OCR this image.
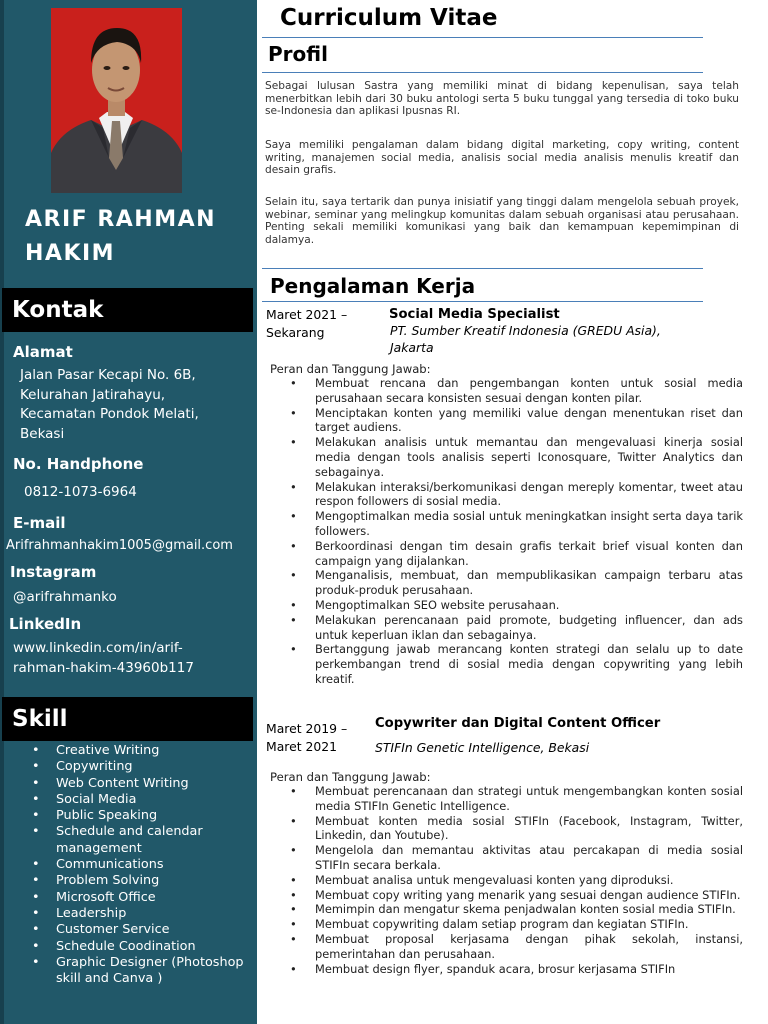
ARIF RAHMAN
HAKIM
Kontak
Alamat
Jalan Pasar Kecapi No. 6B,
Kelurahan Jatirahayu,
Kecamatan Pondok Melati,
Bekasi
No. Handphone
0812-1073-6964
E-mail
Arifrahmanhakim1005@gmail.com
Instagram
@arifrahmanko
LinkedIn
www.linkedin.com/in/arif-
rahman-hakim-43960b117
Skill
• Creative Writing
• Copywriting
• Web Content Writing
• Social Media
• Public Speaking
• Schedule and calendar management
• Communications
• Problem Solving
• Microsoft Office
• Leadership
• Customer Service
• Schedule Coodination
• Graphic Designer (Photoshop skill and Canva )
Curriculum Vitae
Profil
Sebagai lulusan Sastra yang memiliki minat di bidang kepenulisan, saya telah menerbitkan lebih dari 30 buku antologi serta 5 buku tunggal yang tersedia di toko buku se-Indonesia dan aplikasi Ipusnas RI.
Saya memiliki pengalaman dalam bidang digital marketing, copy writing, content writing, manajemen social media, analisis social media analisis menulis kreatif dan desain grafis.
Selain itu, saya tertarik dan punya inisiatif yang tinggi dalam mengelola sebuah proyek, webinar, seminar yang melingkup komunitas dalam sebuah organisasi atau perusahaan. Penting sekali memiliki komunikasi yang baik dan kemampuan kepemimpinan di dalamya.
Pengalaman Kerja
Maret 2021 –
Sekarang
Social Media Specialist
PT. Sumber Kreatif Indonesia (GREDU Asia),
Jakarta
Peran dan Tanggung Jawab:
• Membuat rencana dan pengembangan konten untuk sosial media perusahaan secara konsisten sesuai dengan konten pilar.
• Menciptakan konten yang memiliki value dengan menentukan riset dan target audiens.
• Melakukan analisis untuk memantau dan mengevaluasi kinerja sosial media dengan tools analisis seperti Iconosquare, Twitter Analytics dan sebagainya.
• Melakukan interaksi/berkomunikasi dengan mereply komentar, tweet atau respon followers di sosial media.
• Mengoptimalkan media sosial untuk meningkatkan insight serta daya tarik followers.
• Berkoordinasi dengan tim desain grafis terkait brief visual konten dan campaign yang dijalankan.
• Menganalisis, membuat, dan mempublikasikan campaign terbaru atas produk-produk perusahaan.
• Mengoptimalkan SEO website perusahaan.
• Melakukan perencanaan paid promote, budgeting influencer, dan ads untuk keperluan iklan dan sebagainya.
• Bertanggung jawab merancang konten strategi dan selalu up to date perkembangan trend di sosial media dengan copywriting yang lebih kreatif.
Maret 2019 –
Maret 2021
Copywriter dan Digital Content Officer
STIFIn Genetic Intelligence, Bekasi
Peran dan Tanggung Jawab:
• Membuat perencanaan dan strategi untuk mengembangkan konten sosial media STIFIn Genetic Intelligence.
• Membuat konten media sosial STIFIn (Facebook, Instagram, Twitter, Linkedin, dan Youtube).
• Mengelola dan memantau aktivitas atau percakapan di media sosial STIFIn secara berkala.
• Membuat analisa untuk mengevaluasi konten yang diproduksi.
• Membuat copy writing yang menarik yang sesuai dengan audience STIFIn.
• Memimpin dan mengatur skema penjadwalan konten sosial media STIFIn.
• Membuat copywriting dalam setiap program dan kegiatan STIFIn.
• Membuat proposal kerjasama dengan pihak sekolah, instansi, pemerintahan dan perusahaan.
• Membuat design flyer, spanduk acara, brosur kerjasama STIFIn
